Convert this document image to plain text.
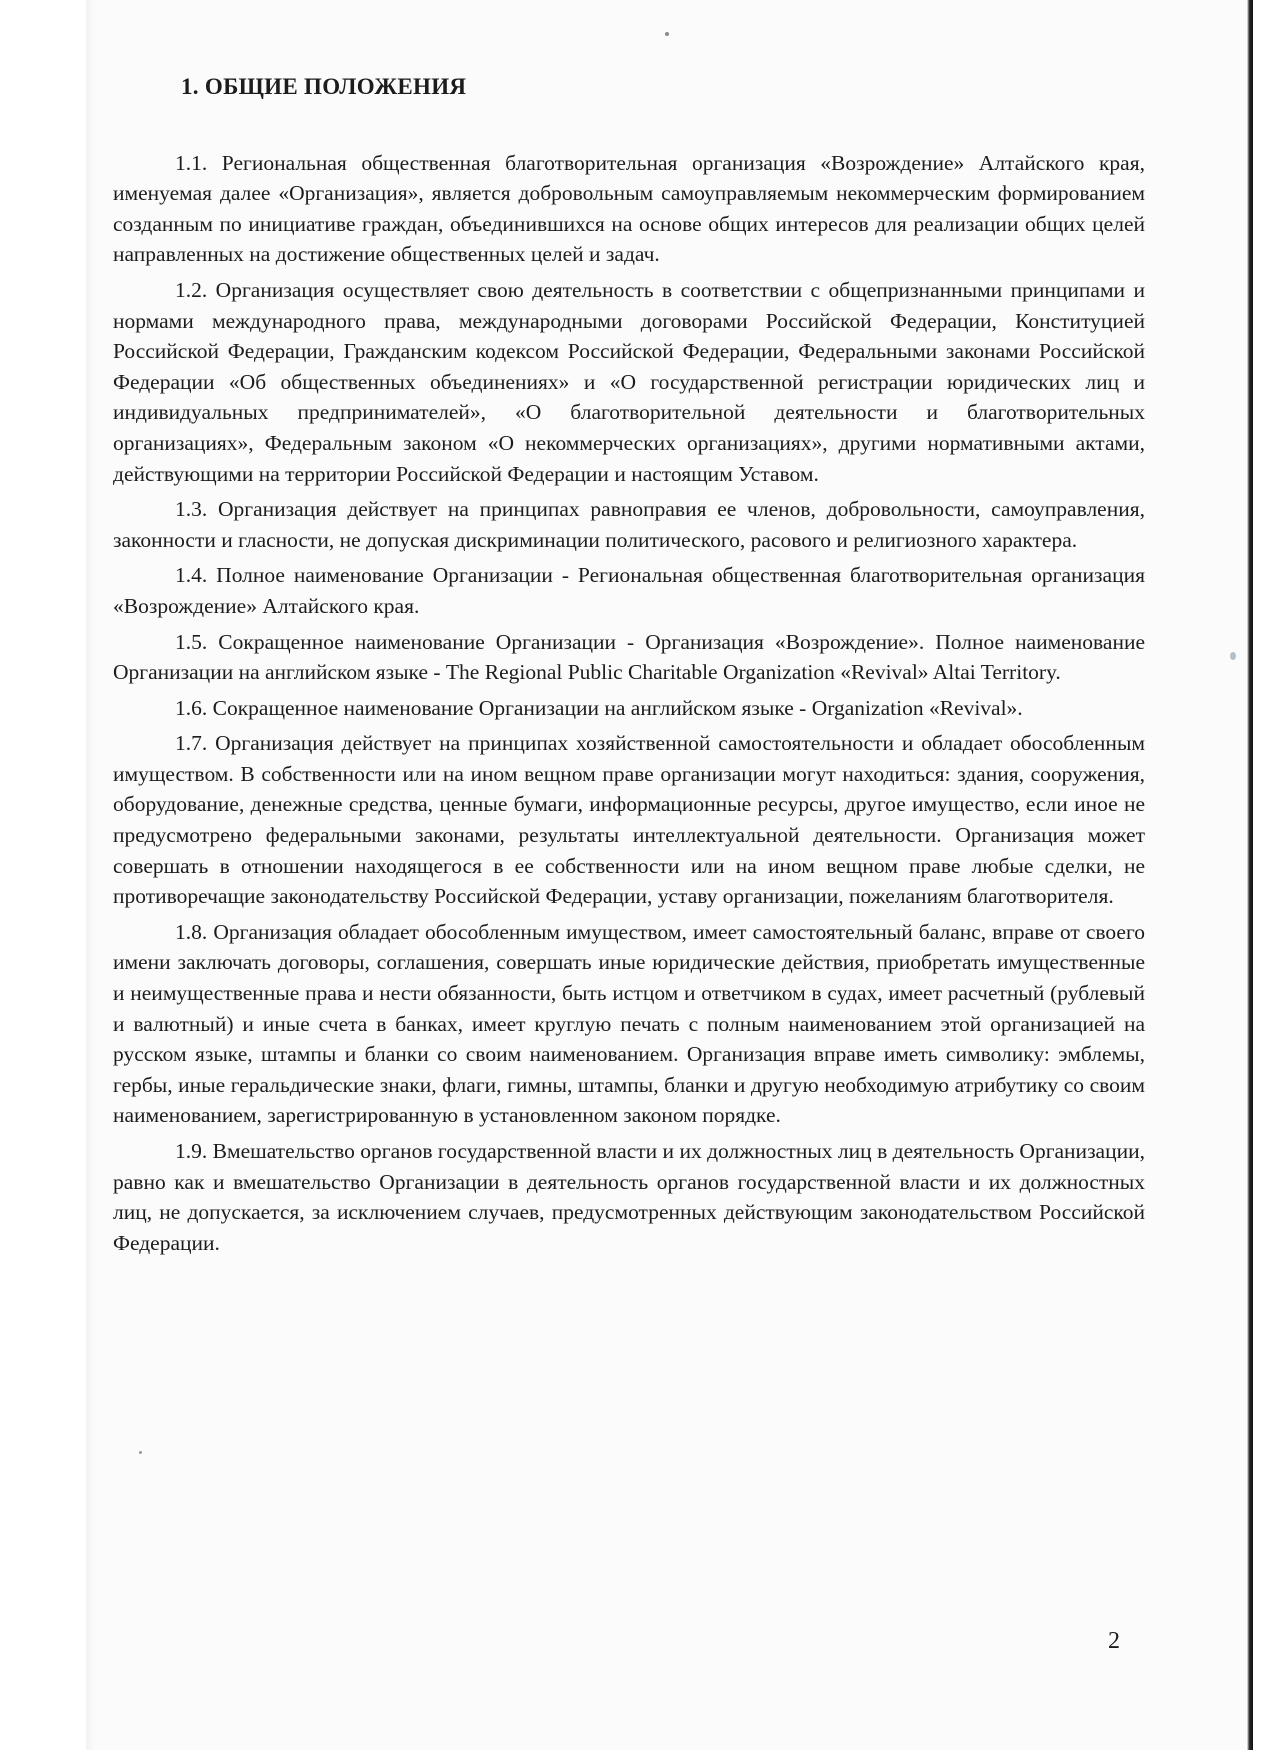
1. ОБЩИЕ ПОЛОЖЕНИЯ

1.1. Региональная общественная благотворительная организация «Возрождение» Алтайского края, именуемая далее «Организация», является добровольным самоуправляемым некоммерческим формированием созданным по инициативе граждан, объединившихся на основе общих интересов для реализации общих целей направленных на достижение общественных целей и задач.

1.2. Организация осуществляет свою деятельность в соответствии с общепризнанными принципами и нормами международного права, международными договорами Российской Федерации, Конституцией Российской Федерации, Гражданским кодексом Российской Федерации, Федеральными законами Российской Федерации «Об общественных объединениях» и «О государственной регистрации юридических лиц и индивидуальных предпринимателей», «О благотворительной деятельности и благотворительных организациях», Федеральным законом «О некоммерческих организациях», другими нормативными актами, действующими на территории Российской Федерации и настоящим Уставом.

1.3. Организация действует на принципах равноправия ее членов, добровольности, самоуправления, законности и гласности, не допуская дискриминации политического, расового и религиозного характера.

1.4. Полное наименование Организации - Региональная общественная благотворительная организация «Возрождение» Алтайского края.

1.5. Сокращенное наименование Организации - Организация «Возрождение». Полное наименование Организации на английском языке - The Regional Public Charitable Organization «Revival» Altai Territory.

1.6. Сокращенное наименование Организации на английском языке - Organization «Revival».

1.7. Организация действует на принципах хозяйственной самостоятельности и обладает обособленным имуществом. В собственности или на ином вещном праве организации могут находиться: здания, сооружения, оборудование, денежные средства, ценные бумаги, информационные ресурсы, другое имущество, если иное не предусмотрено федеральными законами, результаты интеллектуальной деятельности. Организация может совершать в отношении находящегося в ее собственности или на ином вещном праве любые сделки, не противоречащие законодательству Российской Федерации, уставу организации, пожеланиям благотворителя.

1.8. Организация обладает обособленным имуществом, имеет самостоятельный баланс, вправе от своего имени заключать договоры, соглашения, совершать иные юридические действия, приобретать имущественные и неимущественные права и нести обязанности, быть истцом и ответчиком в судах, имеет расчетный (рублевый и валютный) и иные счета в банках, имеет круглую печать с полным наименованием этой организацией на русском языке, штампы и бланки со своим наименованием. Организация вправе иметь символику: эмблемы, гербы, иные геральдические знаки, флаги, гимны, штампы, бланки и другую необходимую атрибутику со своим наименованием, зарегистрированную в установленном законом порядке.

1.9. Вмешательство органов государственной власти и их должностных лиц в деятельность Организации, равно как и вмешательство Организации в деятельность органов государственной власти и их должностных лиц, не допускается, за исключением случаев, предусмотренных действующим законодательством Российской Федерации.

2
